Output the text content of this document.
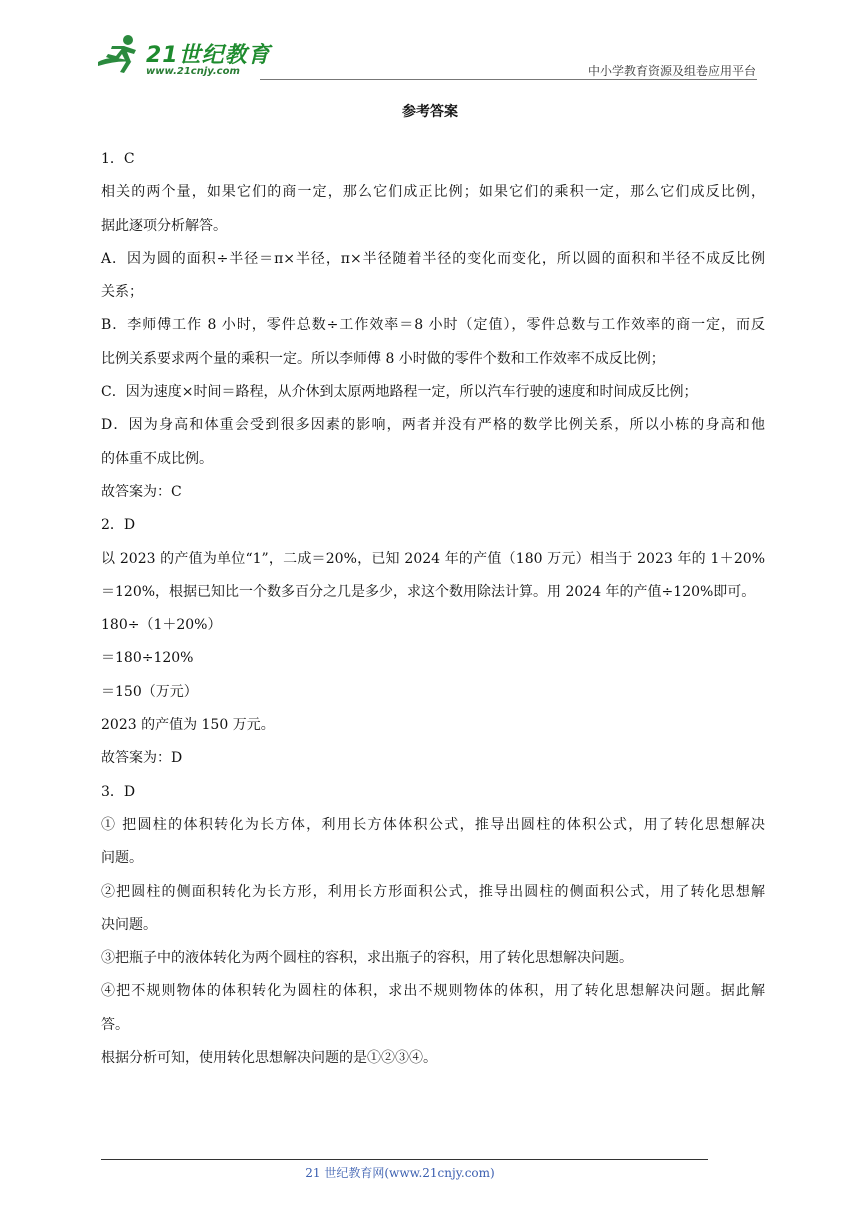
21世纪教育
www.21cnjy.com	中小学教育资源及组卷应用平台
参考答案
1．C
相关的两个量，如果它们的商一定，那么它们成正比例；如果它们的乘积一定，那么它们成反比例，
据此逐项分析解答。
A．因为圆的面积÷半径＝π×半径，π×半径随着半径的变化而变化，所以圆的面积和半径不成反比例
关系；
B．李师傅工作 8 小时，零件总数÷工作效率＝8 小时（定值），零件总数与工作效率的商一定，而反
比例关系要求两个量的乘积一定。所以李师傅 8 小时做的零件个数和工作效率不成反比例；
C．因为速度×时间＝路程，从介休到太原两地路程一定，所以汽车行驶的速度和时间成反比例；
D．因为身高和体重会受到很多因素的影响，两者并没有严格的数学比例关系，所以小栋的身高和他
的体重不成比例。
故答案为：C
2．D
以 2023 的产值为单位“1”，二成＝20%，已知 2024 年的产值（180 万元）相当于 2023 年的 1＋20%
＝120%，根据已知比一个数多百分之几是多少，求这个数用除法计算。用 2024 年的产值÷120%即可。
180÷（1＋20%）
＝180÷120%
＝150（万元）
2023 的产值为 150 万元。
故答案为：D
3．D
① 把圆柱的体积转化为长方体，利用长方体体积公式，推导出圆柱的体积公式，用了转化思想解决
问题。
②把圆柱的侧面积转化为长方形，利用长方形面积公式，推导出圆柱的侧面积公式，用了转化思想解
决问题。
③把瓶子中的液体转化为两个圆柱的容积，求出瓶子的容积，用了转化思想解决问题。
④把不规则物体的体积转化为圆柱的体积，求出不规则物体的体积，用了转化思想解决问题。据此解
答。
根据分析可知，使用转化思想解决问题的是①②③④。
21 世纪教育网(www.21cnjy.com)
